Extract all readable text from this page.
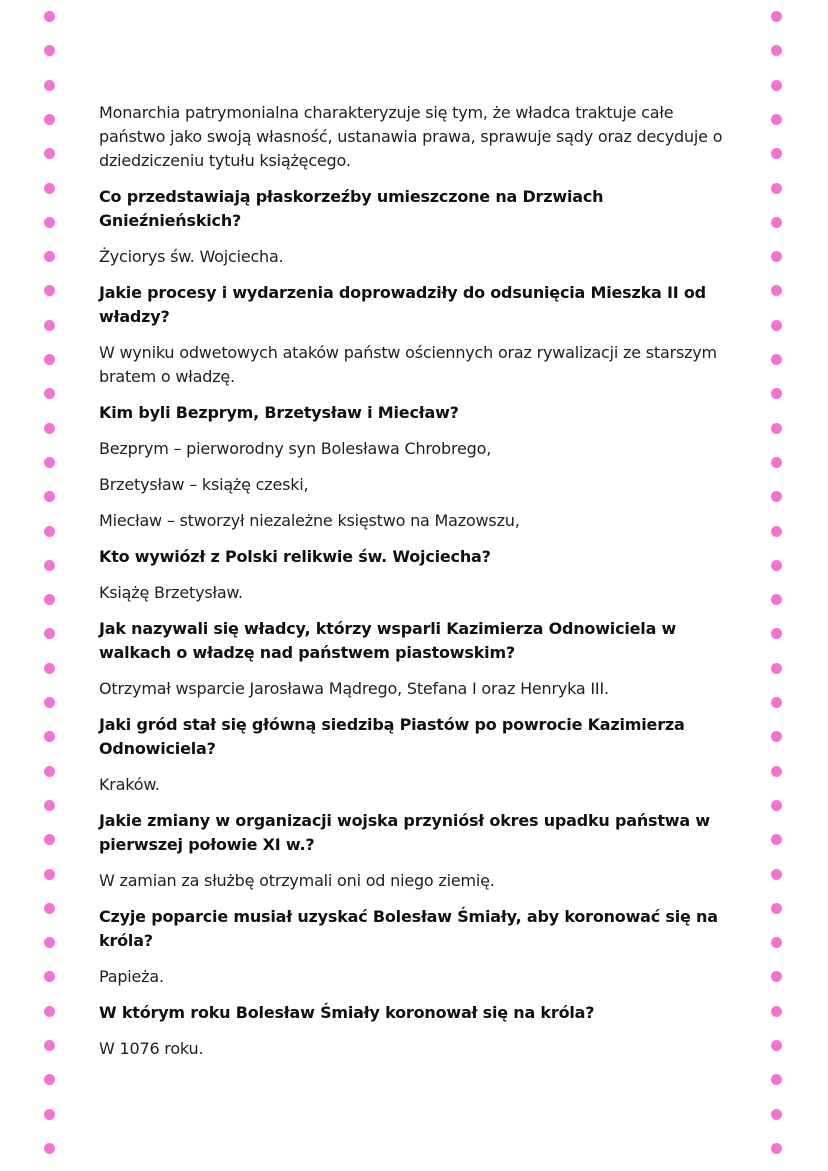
Monarchia patrymonialna charakteryzuje się tym, że władca traktuje całe państwo jako swoją własność, ustanawia prawa, sprawuje sądy oraz decyduje o dziedziczeniu tytułu książęcego.

Co przedstawiają płaskorzeźby umieszczone na Drzwiach Gnieźnieńskich?

Życiorys św. Wojciecha.

Jakie procesy i wydarzenia doprowadziły do odsunięcia Mieszka II od władzy?

W wyniku odwetowych ataków państw ościennych oraz rywalizacji ze starszym bratem o władzę.

Kim byli Bezprym, Brzetysław i Miecław?

Bezprym – pierworodny syn Bolesława Chrobrego,

Brzetysław – książę czeski,

Miecław – stworzył niezależne księstwo na Mazowszu,

Kto wywiózł z Polski relikwie św. Wojciecha?

Książę Brzetysław.

Jak nazywali się władcy, którzy wsparli Kazimierza Odnowiciela w walkach o władzę nad państwem piastowskim?

Otrzymał wsparcie Jarosława Mądrego, Stefana I oraz Henryka III.

Jaki gród stał się główną siedzibą Piastów po powrocie Kazimierza Odnowiciela?

Kraków.

Jakie zmiany w organizacji wojska przyniósł okres upadku państwa w pierwszej połowie XI w.?

W zamian za służbę otrzymali oni od niego ziemię.

Czyje poparcie musiał uzyskać Bolesław Śmiały, aby koronować się na króla?

Papieża.

W którym roku Bolesław Śmiały koronował się na króla?

W 1076 roku.
